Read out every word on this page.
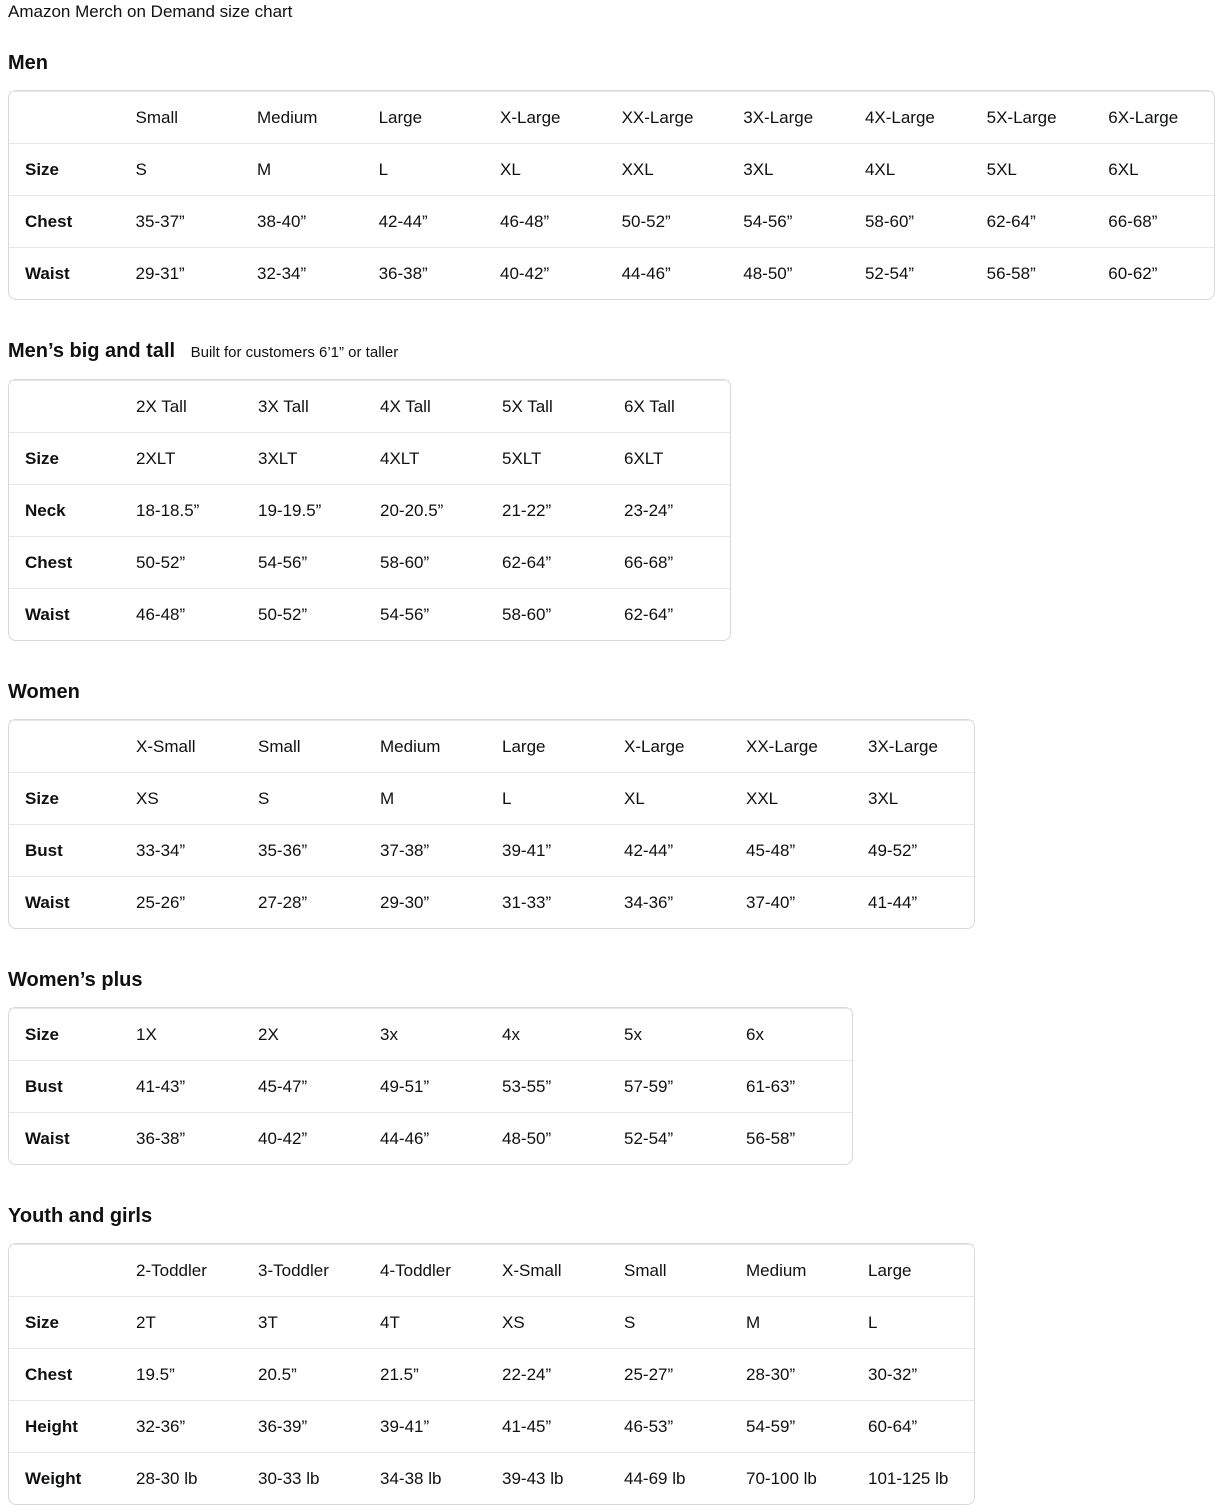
Amazon Merch on Demand size chart

Men
	Small	Medium	Large	X-Large	XX-Large	3X-Large	4X-Large	5X-Large	6X-Large
Size	S	M	L	XL	XXL	3XL	4XL	5XL	6XL
Chest	35-37”	38-40”	42-44”	46-48”	50-52”	54-56”	58-60”	62-64”	66-68”
Waist	29-31”	32-34”	36-38”	40-42”	44-46”	48-50”	52-54”	56-58”	60-62”
Men’s big and tall Built for customers 6’1” or taller
	2X Tall	3X Tall	4X Tall	5X Tall	6X Tall
Size	2XLT	3XLT	4XLT	5XLT	6XLT
Neck	18-18.5”	19-19.5”	20-20.5”	21-22”	23-24”
Chest	50-52”	54-56”	58-60”	62-64”	66-68”
Waist	46-48”	50-52”	54-56”	58-60”	62-64”
Women
	X-Small	Small	Medium	Large	X-Large	XX-Large	3X-Large
Size	XS	S	M	L	XL	XXL	3XL
Bust	33-34”	35-36”	37-38”	39-41”	42-44”	45-48”	49-52”
Waist	25-26”	27-28”	29-30”	31-33”	34-36”	37-40”	41-44”
Women’s plus
Size	1X	2X	3x	4x	5x	6x
Bust	41-43”	45-47”	49-51”	53-55”	57-59”	61-63”
Waist	36-38”	40-42”	44-46”	48-50”	52-54”	56-58”
Youth and girls
	2-Toddler	3-Toddler	4-Toddler	X-Small	Small	Medium	Large
Size	2T	3T	4T	XS	S	M	L
Chest	19.5”	20.5”	21.5”	22-24”	25-27”	28-30”	30-32”
Height	32-36”	36-39”	39-41”	41-45”	46-53”	54-59”	60-64”
Weight	28-30 lb	30-33 lb	34-38 lb	39-43 lb	44-69 lb	70-100 lb	101-125 lb
